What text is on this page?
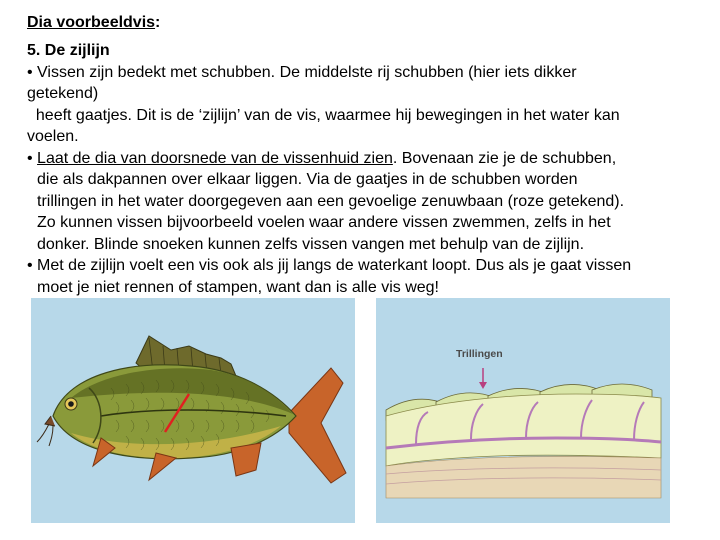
Dia voorbeeldvis:
5. De zijlijn
• Vissen zijn bedekt met schubben. De middelste rij schubben (hier iets dikker
getekend)
heeft gaatjes. Dit is de ‘zijlijn’ van de vis, waarmee hij bewegingen in het water kan
voelen.
• Laat de dia van doorsnede van de vissenhuid zien. Bovenaan zie je de schubben,
die als dakpannen over elkaar liggen. Via de gaatjes in de schubben worden
trillingen in het water doorgegeven aan een gevoelige zenuwbaan (roze getekend).
Zo kunnen vissen bijvoorbeeld voelen waar andere vissen zwemmen, zelfs in het
donker. Blinde snoeken kunnen zelfs vissen vangen met behulp van de zijlijn.
• Met de zijlijn voelt een vis ook als jij langs de waterkant loopt. Dus als je gaat vissen
moet je niet rennen of stampen, want dan is alle vis weg!
Trillingen
